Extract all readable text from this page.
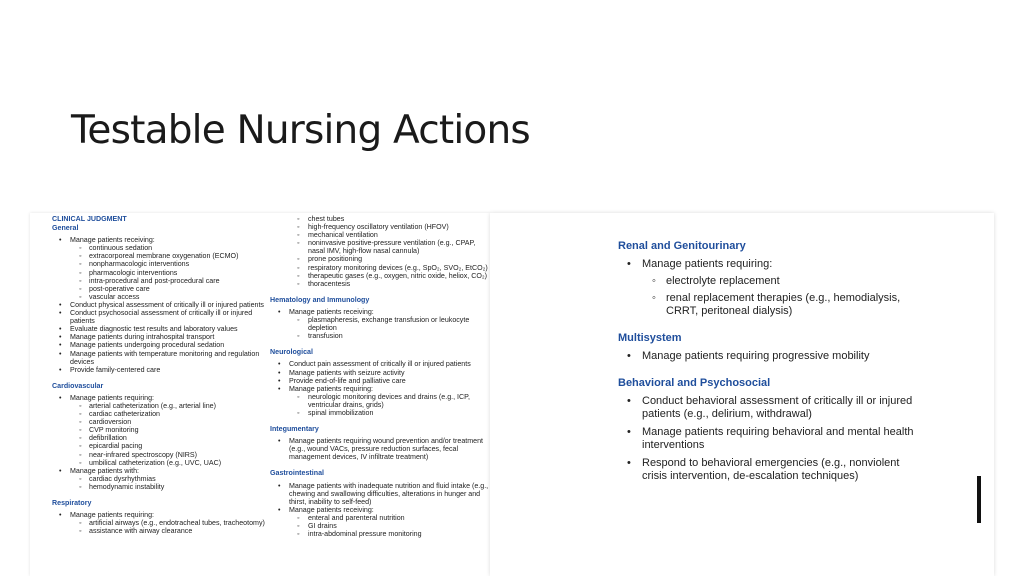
Testable Nursing Actions

CLINICAL JUDGMENT

General

• Manage patients receiving:
◦ continuous sedation
◦ extracorporeal membrane oxygenation (ECMO)
◦ nonpharmacologic interventions
◦ pharmacologic interventions
◦ intra-procedural and post-procedural care
◦ post-operative care
◦ vascular access
• Conduct physical assessment of critically ill or injured patients
• Conduct psychosocial assessment of critically ill or injured patients
• Evaluate diagnostic test results and laboratory values
• Manage patients during intrahospital transport
• Manage patients undergoing procedural sedation
• Manage patients with temperature monitoring and regulation devices
• Provide family-centered care

Cardiovascular

• Manage patients requiring:
◦ arterial catheterization (e.g., arterial line)
◦ cardiac catheterization
◦ cardioversion
◦ CVP monitoring
◦ defibrillation
◦ epicardial pacing
◦ near-infrared spectroscopy (NIRS)
◦ umbilical catheterization (e.g., UVC, UAC)
• Manage patients with:
◦ cardiac dysrhythmias
◦ hemodynamic instability

Respiratory

• Manage patients requiring:
◦ artificial airways (e.g., endotracheal tubes, tracheotomy)
◦ assistance with airway clearance
◦ chest tubes
◦ high-frequency oscillatory ventilation (HFOV)
◦ mechanical ventilation
◦ noninvasive positive-pressure ventilation (e.g., CPAP, nasal IMV, high-flow nasal cannula)
◦ prone positioning
◦ respiratory monitoring devices (e.g., SpO₂, SVO₂, EtCO₂)
◦ therapeutic gases (e.g., oxygen, nitric oxide, heliox, CO₂)
◦ thoracentesis

Hematology and Immunology

• Manage patients receiving:
◦ plasmapheresis, exchange transfusion or leukocyte depletion
◦ transfusion

Neurological

• Conduct pain assessment of critically ill or injured patients
• Manage patients with seizure activity
• Provide end-of-life and palliative care
• Manage patients requiring:
◦ neurologic monitoring devices and drains (e.g., ICP, ventricular drains, grids)
◦ spinal immobilization

Integumentary

• Manage patients requiring wound prevention and/or treatment (e.g., wound VACs, pressure reduction surfaces, fecal management devices, IV infiltrate treatment)

Gastrointestinal

• Manage patients with inadequate nutrition and fluid intake (e.g., chewing and swallowing difficulties, alterations in hunger and thirst, inability to self-feed)
• Manage patients receiving:
◦ enteral and parenteral nutrition
◦ GI drains
◦ intra-abdominal pressure monitoring

Renal and Genitourinary

• Manage patients requiring:
◦ electrolyte replacement
◦ renal replacement therapies (e.g., hemodialysis, CRRT, peritoneal dialysis)

Multisystem

• Manage patients requiring progressive mobility

Behavioral and Psychosocial

• Conduct behavioral assessment of critically ill or injured patients (e.g., delirium, withdrawal)
• Manage patients requiring behavioral and mental health interventions
• Respond to behavioral emergencies (e.g., nonviolent crisis intervention, de-escalation techniques)
